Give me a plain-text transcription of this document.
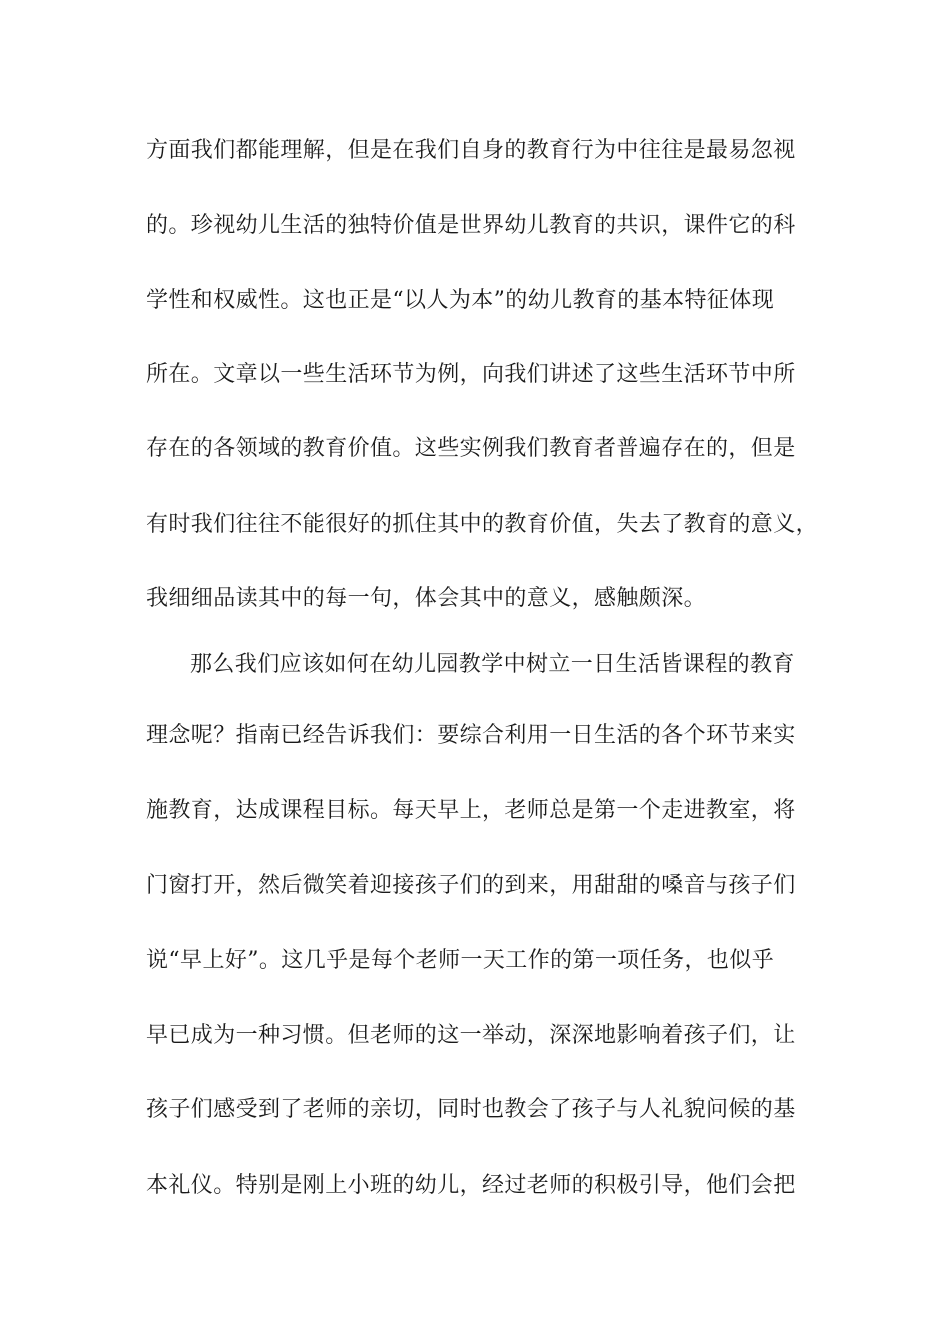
方面我们都能理解，但是在我们自身的教育行为中往往是最易忽视
的。珍视幼儿生活的独特价值是世界幼儿教育的共识，课件它的科
学性和权威性。这也正是“以人为本”的幼儿教育的基本特征体现
所在。文章以一些生活环节为例，向我们讲述了这些生活环节中所
存在的各领域的教育价值。这些实例我们教育者普遍存在的，但是
有时我们往往不能很好的抓住其中的教育价值，失去了教育的意义，
我细细品读其中的每一句，体会其中的意义，感触颇深。
那么我们应该如何在幼儿园教学中树立一日生活皆课程的教育
理念呢？指南已经告诉我们：要综合利用一日生活的各个环节来实
施教育，达成课程目标。每天早上，老师总是第一个走进教室，将
门窗打开，然后微笑着迎接孩子们的到来，用甜甜的嗓音与孩子们
说“早上好”。这几乎是每个老师一天工作的第一项任务，也似乎
早已成为一种习惯。但老师的这一举动，深深地影响着孩子们，让
孩子们感受到了老师的亲切，同时也教会了孩子与人礼貌问候的基
本礼仪。特别是刚上小班的幼儿，经过老师的积极引导，他们会把
